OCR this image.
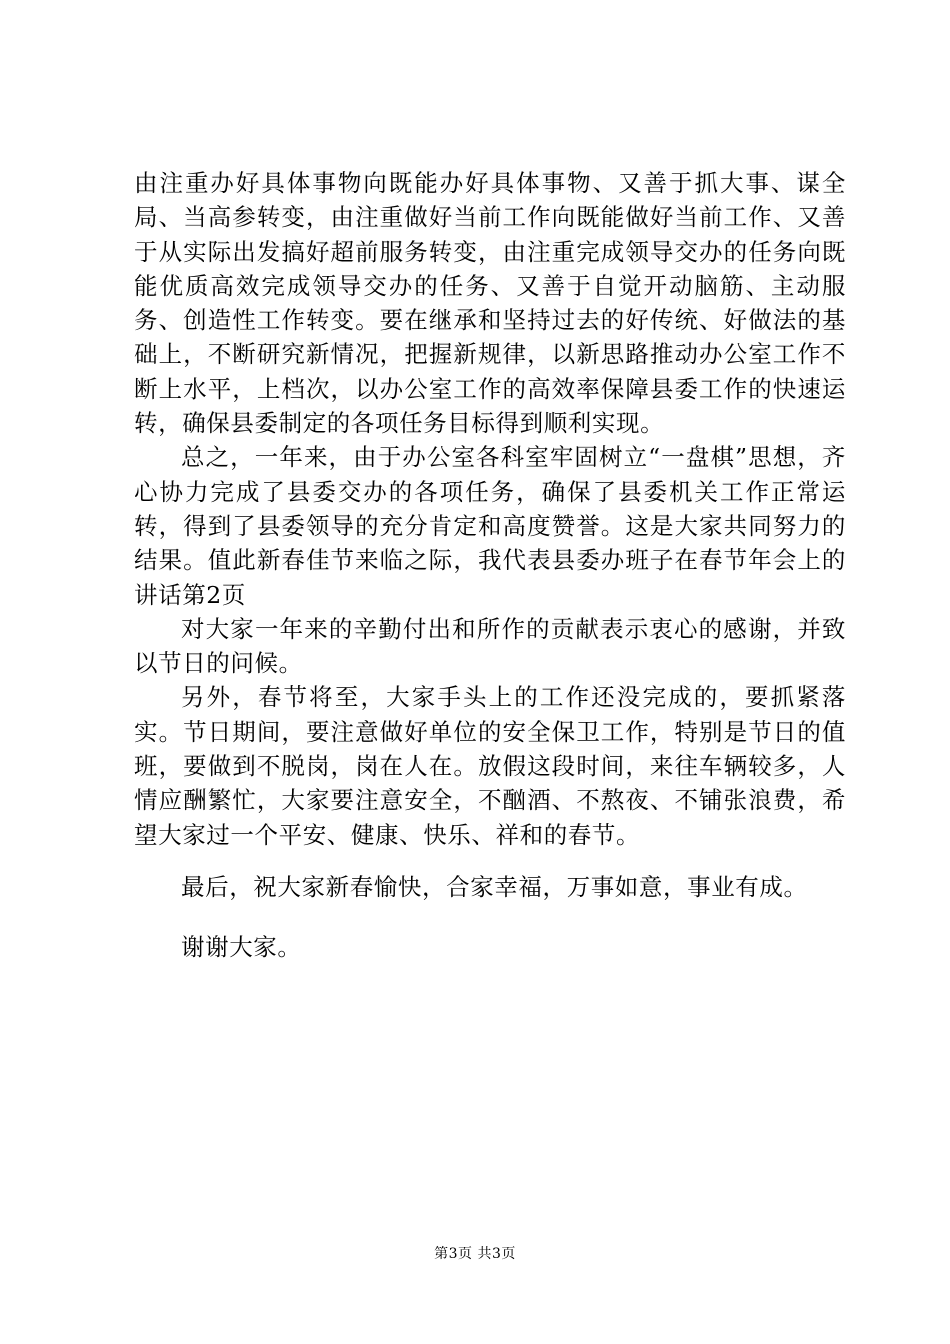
由注重办好具体事物向既能办好具体事物、又善于抓大事、谋全局、当高参转变，由注重做好当前工作向既能做好当前工作、又善于从实际出发搞好超前服务转变，由注重完成领导交办的任务向既能优质高效完成领导交办的任务、又善于自觉开动脑筋、主动服务、创造性工作转变。要在继承和坚持过去的好传统、好做法的基础上，不断研究新情况，把握新规律，以新思路推动办公室工作不断上水平，上档次，以办公室工作的高效率保障县委工作的快速运转，确保县委制定的各项任务目标得到顺利实现。

总之，一年来，由于办公室各科室牢固树立“一盘棋”思想，齐心协力完成了县委交办的各项任务，确保了县委机关工作正常运转，得到了县委领导的充分肯定和高度赞誉。这是大家共同努力的结果。值此新春佳节来临之际，我代表县委办班子在春节年会上的讲话第2页

对大家一年来的辛勤付出和所作的贡献表示衷心的感谢，并致以节日的问候。

另外，春节将至，大家手头上的工作还没完成的，要抓紧落实。节日期间，要注意做好单位的安全保卫工作，特别是节日的值班，要做到不脱岗，岗在人在。放假这段时间，来往车辆较多，人情应酬繁忙，大家要注意安全，不酗酒、不熬夜、不铺张浪费，希望大家过一个平安、健康、快乐、祥和的春节。

最后，祝大家新春愉快，合家幸福，万事如意，事业有成。

谢谢大家。

第3页 共3页
